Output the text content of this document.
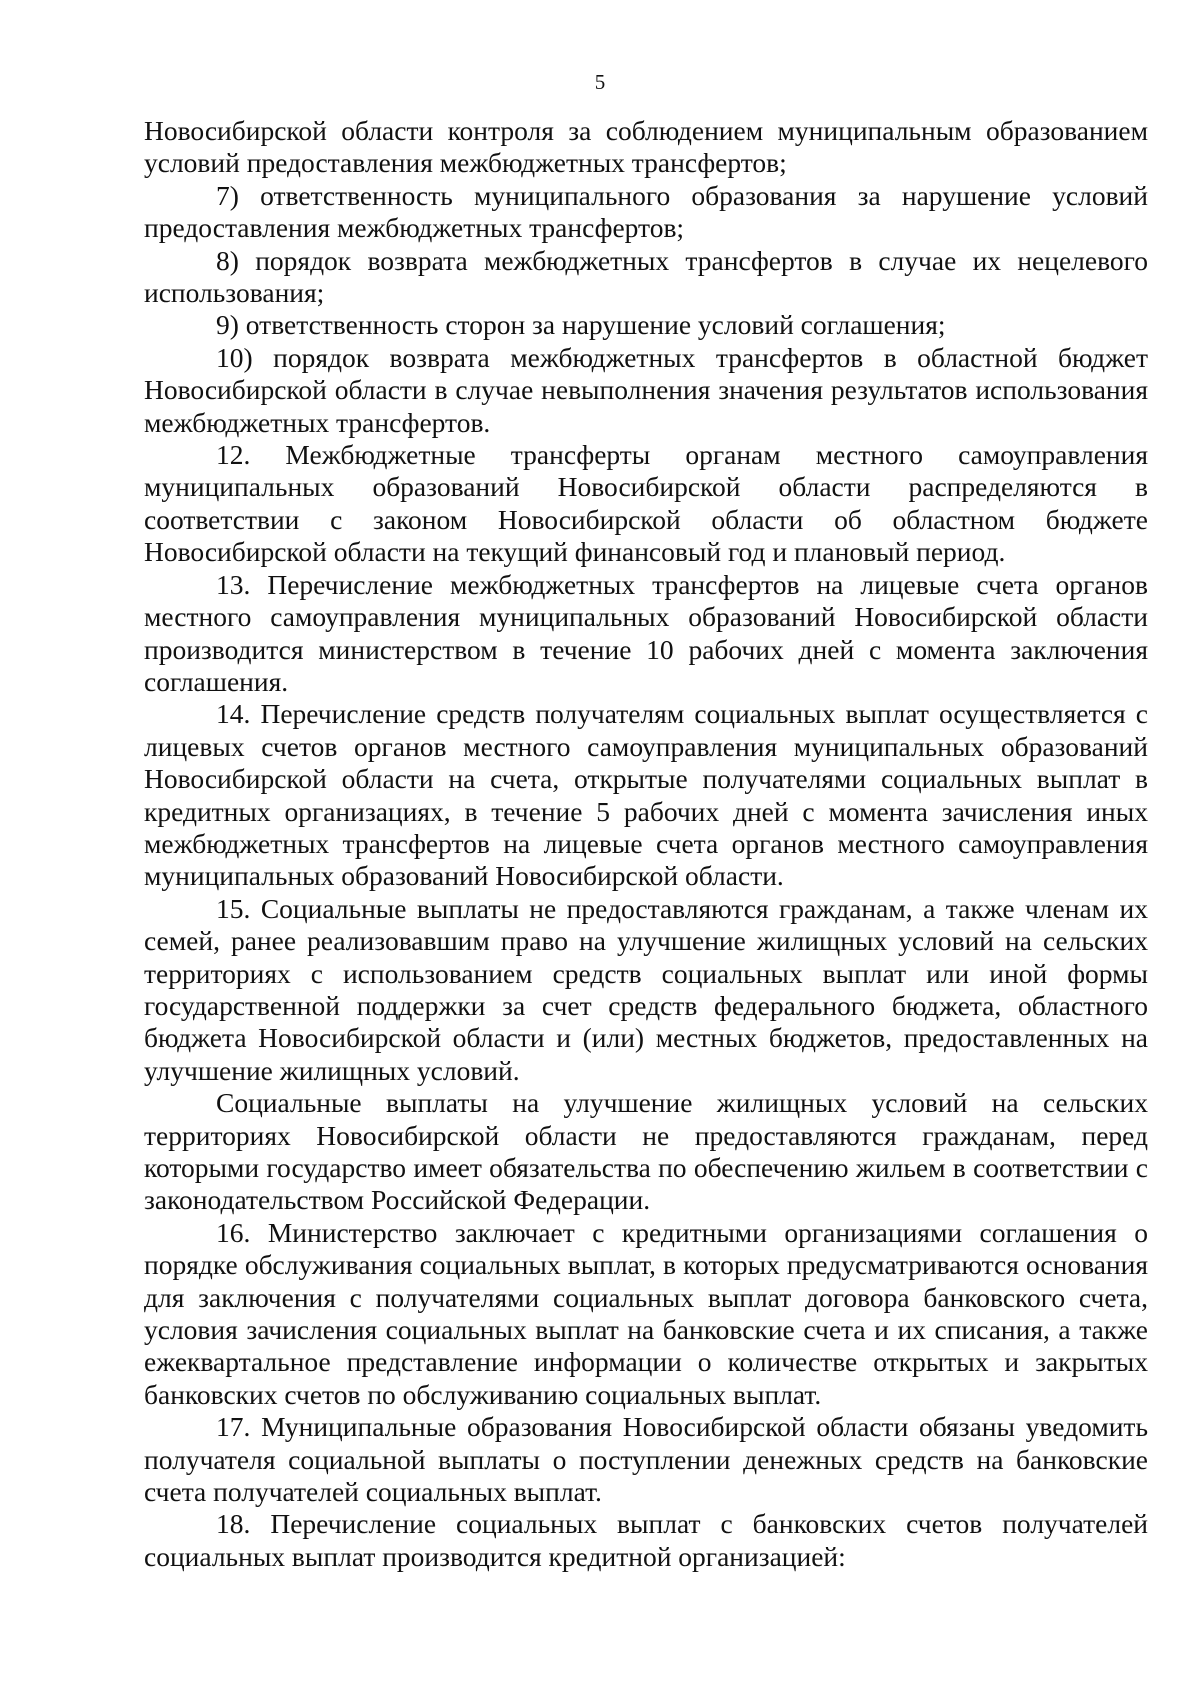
5

Новосибирской области контроля за соблюдением муниципальным образованием условий предоставления межбюджетных трансфертов;

7) ответственность муниципального образования за нарушение условий предоставления межбюджетных трансфертов;

8) порядок возврата межбюджетных трансфертов в случае их нецелевого использования;

9) ответственность сторон за нарушение условий соглашения;

10) порядок возврата межбюджетных трансфертов в областной бюджет Новосибирской области в случае невыполнения значения результатов использования межбюджетных трансфертов.

12. Межбюджетные трансферты органам местного самоуправления муниципальных образований Новосибирской области распределяются в соответствии с законом Новосибирской области об областном бюджете Новосибирской области на текущий финансовый год и плановый период.

13. Перечисление межбюджетных трансфертов на лицевые счета органов местного самоуправления муниципальных образований Новосибирской области производится министерством в течение 10 рабочих дней с момента заключения соглашения.

14. Перечисление средств получателям социальных выплат осуществляется с лицевых счетов органов местного самоуправления муниципальных образований Новосибирской области на счета, открытые получателями социальных выплат в кредитных организациях, в течение 5 рабочих дней с момента зачисления иных межбюджетных трансфертов на лицевые счета органов местного самоуправления муниципальных образований Новосибирской области.

15. Социальные выплаты не предоставляются гражданам, а также членам их семей, ранее реализовавшим право на улучшение жилищных условий на сельских территориях с использованием средств социальных выплат или иной формы государственной поддержки за счет средств федерального бюджета, областного бюджета Новосибирской области и (или) местных бюджетов, предоставленных на улучшение жилищных условий.

Социальные выплаты на улучшение жилищных условий на сельских территориях Новосибирской области не предоставляются гражданам, перед которыми государство имеет обязательства по обеспечению жильем в соответствии с законодательством Российской Федерации.

16. Министерство заключает с кредитными организациями соглашения о порядке обслуживания социальных выплат, в которых предусматриваются основания для заключения с получателями социальных выплат договора банковского счета, условия зачисления социальных выплат на банковские счета и их списания, а также ежеквартальное представление информации о количестве открытых и закрытых банковских счетов по обслуживанию социальных выплат.

17. Муниципальные образования Новосибирской области обязаны уведомить получателя социальной выплаты о поступлении денежных средств на банковские счета получателей социальных выплат.

18. Перечисление социальных выплат с банковских счетов получателей социальных выплат производится кредитной организацией:
